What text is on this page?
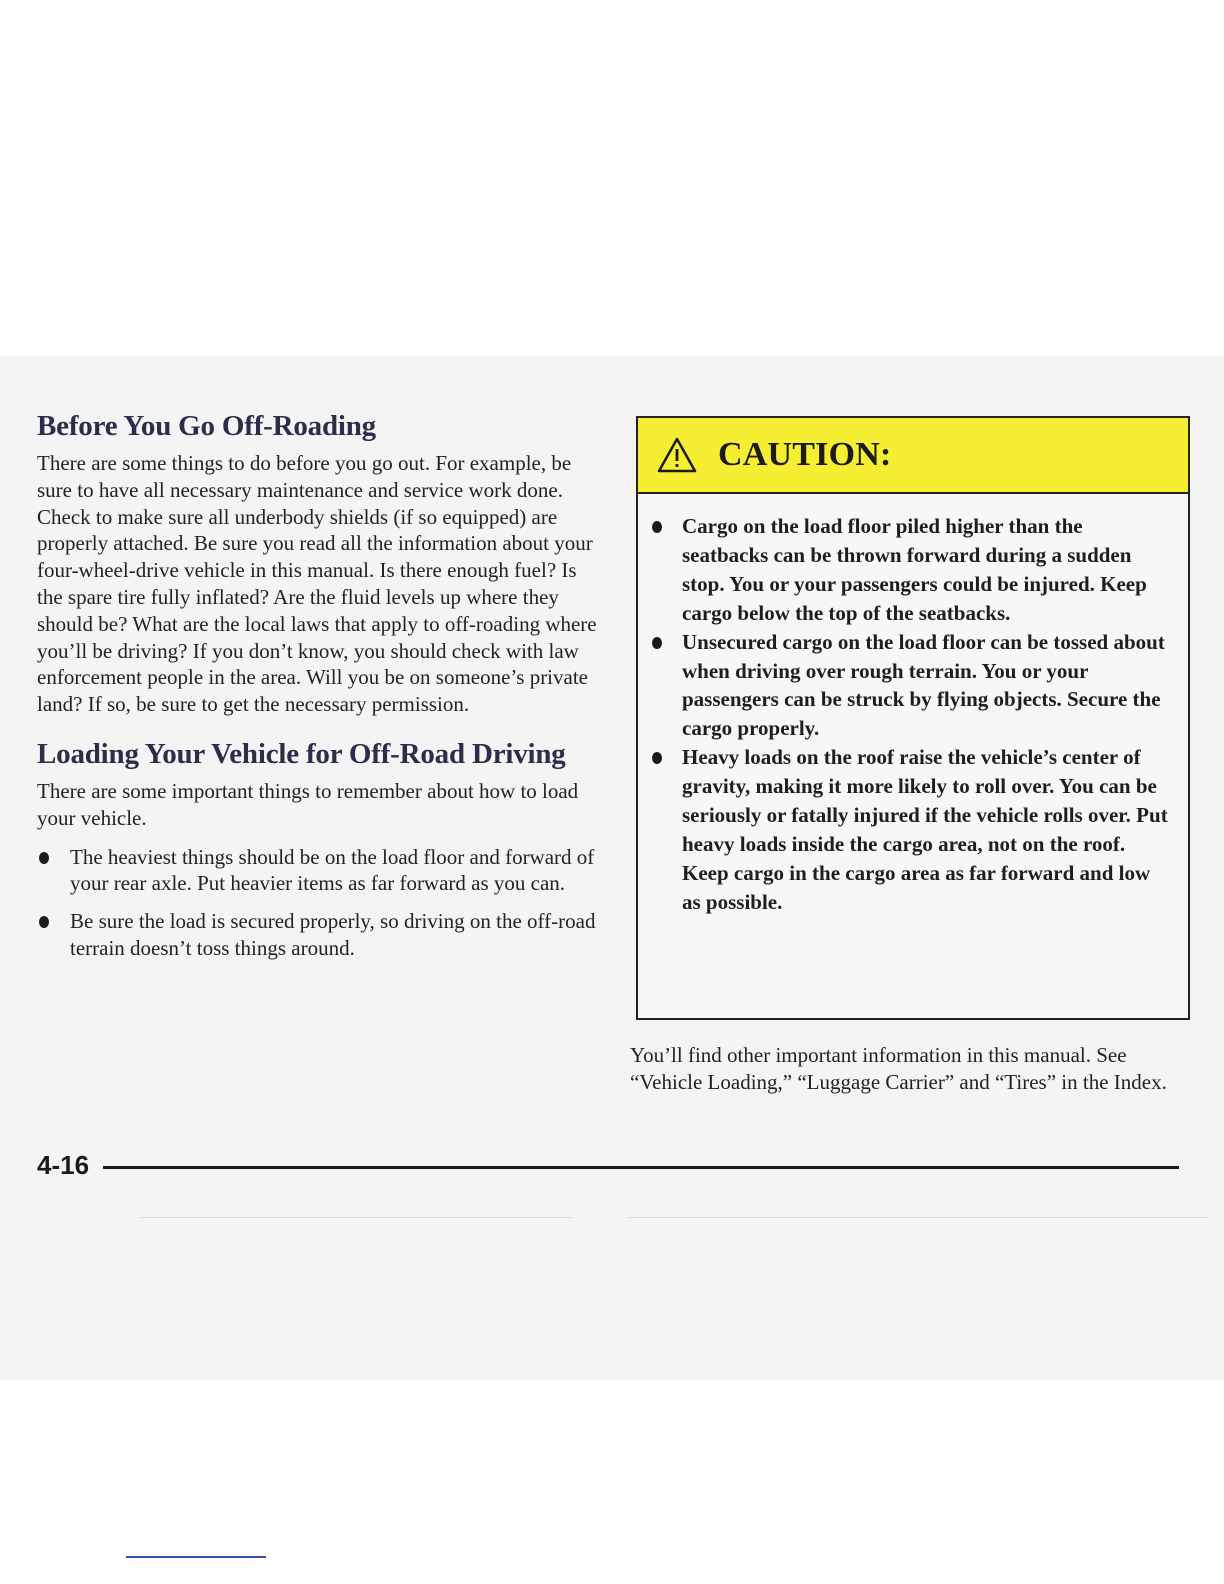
Before You Go Off-Roading

There are some things to do before you go out. For example, be sure to have all necessary maintenance and service work done. Check to make sure all underbody shields (if so equipped) are properly attached. Be sure you read all the information about your four-wheel-drive vehicle in this manual. Is there enough fuel? Is the spare tire fully inflated? Are the fluid levels up where they should be? What are the local laws that apply to off-roading where you’ll be driving? If you don’t know, you should check with law enforcement people in the area. Will you be on someone’s private land? If so, be sure to get the necessary permission.

Loading Your Vehicle for Off-Road Driving

There are some important things to remember about how to load your vehicle.

The heaviest things should be on the load floor and forward of your rear axle. Put heavier items as far forward as you can.
Be sure the load is secured properly, so driving on the off-road terrain doesn’t toss things around.
CAUTION:
Cargo on the load floor piled higher than the seatbacks can be thrown forward during a sudden stop. You or your passengers could be injured. Keep cargo below the top of the seatbacks.
Unsecured cargo on the load floor can be tossed about when driving over rough terrain. You or your passengers can be struck by flying objects. Secure the cargo properly.
Heavy loads on the roof raise the vehicle’s center of gravity, making it more likely to roll over. You can be seriously or fatally injured if the vehicle rolls over. Put heavy loads inside the cargo area, not on the roof. Keep cargo in the cargo area as far forward and low as possible.

You’ll find other important information in this manual. See “Vehicle Loading,” “Luggage Carrier” and “Tires” in the Index.

4-16
